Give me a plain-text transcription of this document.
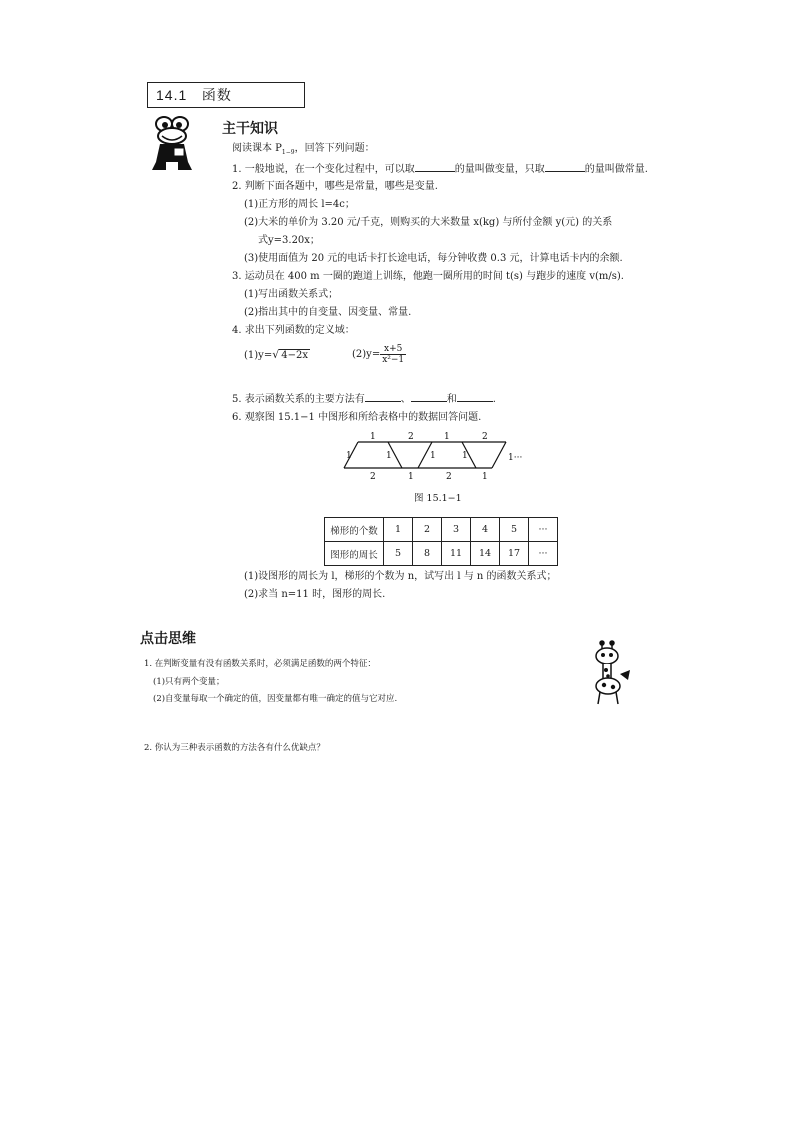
14.1 函数
主干知识
阅读课本 $P_{1-9}$，回答下列问题：
1. 一般地说，在一个变化过程中，可以取	的量叫做变量，只取	的量叫做常量.
2. 判断下面各题中，哪些是常量，哪些是变量.
(1)正方形的周长 l=4c；
(2)大米的单价为 3.20 元/千克，则购买的大米数量 x(kg) 与所付金额 y(元) 的关系
式y=3.20x；
(3)使用面值为 20 元的电话卡打长途电话，每分钟收费 0.3 元，计算电话卡内的余额.
3. 运动员在 400 m 一圈的跑道上训练，他跑一圈所用的时间 t(s) 与跑步的速度 v(m/s).
(1)写出函数关系式；
(2)指出其中的自变量、因变量、常量.
4. 求出下列函数的定义域：
(1)y=√ 4−2x	$(2)y= \frac{x+5}{\text{x²−1}}$
5. 表示函数关系的主要方法有	、	和	.
6. 观察图 15.1−1 中图形和所给表格中的数据回答问题.
1	2	1	2
2	1	2	1
1	1	1	1	1···
图 15.1−1
梯形的个数	1	2	3	4	5	···
图形的周长	5	8	11	14	17	···
(1)设图形的周长为 l，梯形的个数为 n，试写出 l 与 n 的函数关系式；
(2)求当 n=11 时，图形的周长.
点击思维
1. 在判断变量有没有函数关系时，必须满足函数的两个特征：
(1)只有两个变量；
(2)自变量每取一个确定的值，因变量都有唯一确定的值与它对应.
2. 你认为三种表示函数的方法各有什么优缺点？
